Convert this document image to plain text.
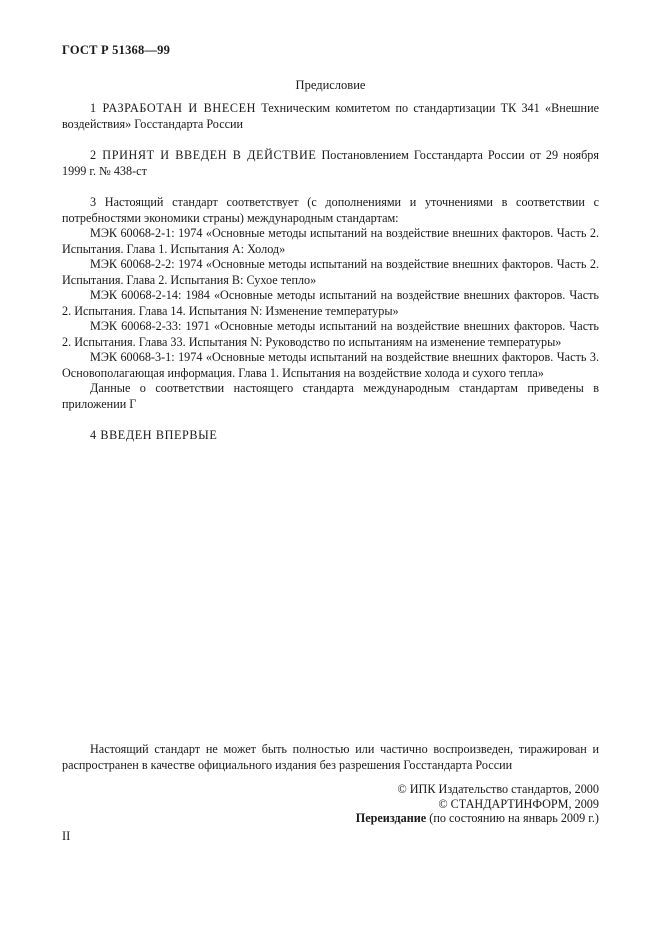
ГОСТ Р 51368—99
Предисловие

1 РАЗРАБОТАН И ВНЕСЕН Техническим комитетом по стандартизации ТК 341 «Внешние воздействия» Госстандарта России

2 ПРИНЯТ И ВВЕДЕН В ДЕЙСТВИЕ Постановлением Госстандарта России от 29 ноября 1999 г. № 438-ст

3 Настоящий стандарт соответствует (с дополнениями и уточнениями в соответствии с потребностями экономики страны) международным стандартам:

МЭК 60068-2-1: 1974 «Основные методы испытаний на воздействие внешних факторов. Часть 2. Испытания. Глава 1. Испытания А: Холод»

МЭК 60068-2-2: 1974 «Основные методы испытаний на воздействие внешних факторов. Часть 2. Испытания. Глава 2. Испытания В: Сухое тепло»

МЭК 60068-2-14: 1984 «Основные методы испытаний на воздействие внешних факторов. Часть 2. Испытания. Глава 14. Испытания N: Изменение температуры»

МЭК 60068-2-33: 1971 «Основные методы испытаний на воздействие внешних факторов. Часть 2. Испытания. Глава 33. Испытания N: Руководство по испытаниям на изменение температуры»

МЭК 60068-3-1: 1974 «Основные методы испытаний на воздействие внешних факторов. Часть 3. Основополагающая информация. Глава 1. Испытания на воздействие холода и сухого тепла»

Данные о соответствии настоящего стандарта международным стандартам приведены в приложении Г

4 ВВЕДЕН ВПЕРВЫЕ

Настоящий стандарт не может быть полностью или частично воспроизведен, тиражирован и распространен в качестве официального издания без разрешения Госстандарта России

© ИПК Издательство стандартов, 2000
© СТАНДАРТИНФОРМ, 2009
Переиздание (по состоянию на январь 2009 г.)
II
